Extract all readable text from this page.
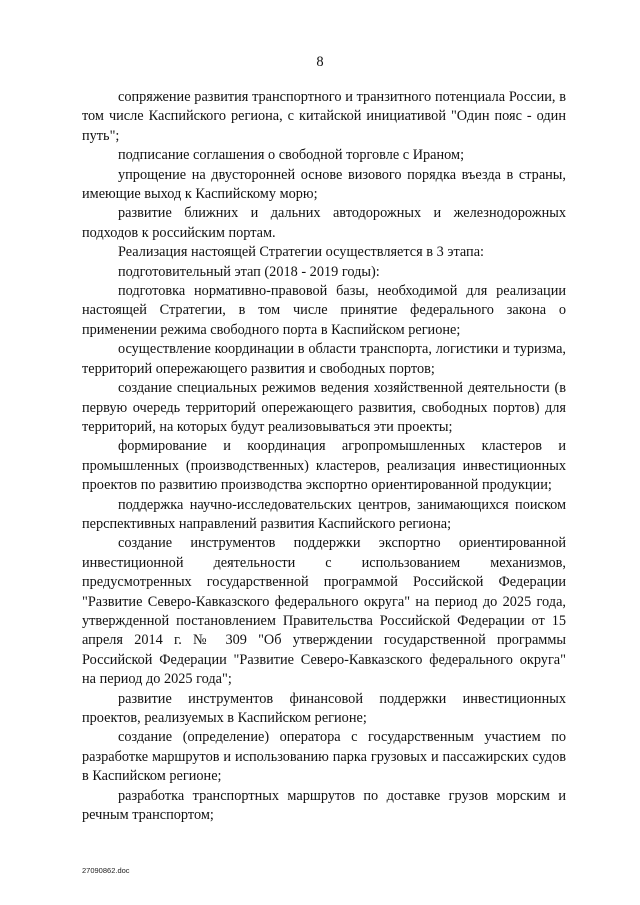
8

сопряжение развития транспортного и транзитного потенциала России, в том числе Каспийского региона, с китайской инициативой "Один пояс - один путь";

подписание соглашения о свободной торговле с Ираном;

упрощение на двусторонней основе визового порядка въезда в страны, имеющие выход к Каспийскому морю;

развитие ближних и дальних автодорожных и железнодорожных подходов к российским портам.

Реализация настоящей Стратегии осуществляется в 3 этапа:

подготовительный этап (2018 - 2019 годы):

подготовка нормативно-правовой базы, необходимой для реализации настоящей Стратегии, в том числе принятие федерального закона о применении режима свободного порта в Каспийском регионе;

осуществление координации в области транспорта, логистики и туризма, территорий опережающего развития и свободных портов;

создание специальных режимов ведения хозяйственной деятельности (в первую очередь территорий опережающего развития, свободных портов) для территорий, на которых будут реализовываться эти проекты;

формирование и координация агропромышленных кластеров и промышленных (производственных) кластеров, реализация инвестиционных проектов по развитию производства экспортно ориентированной продукции;

поддержка научно-исследовательских центров, занимающихся поиском перспективных направлений развития Каспийского региона;

создание инструментов поддержки экспортно ориентированной инвестиционной деятельности с использованием механизмов, предусмотренных государственной программой Российской Федерации "Развитие Северо-Кавказского федерального округа" на период до 2025 года, утвержденной постановлением Правительства Российской Федерации от 15 апреля 2014 г. № 309 "Об утверждении государственной программы Российской Федерации "Развитие Северо-Кавказского федерального округа" на период до 2025 года";

развитие инструментов финансовой поддержки инвестиционных проектов, реализуемых в Каспийском регионе;

создание (определение) оператора с государственным участием по разработке маршрутов и использованию парка грузовых и пассажирских судов в Каспийском регионе;

разработка транспортных маршрутов по доставке грузов морским и речным транспортом;

27090862.doc
